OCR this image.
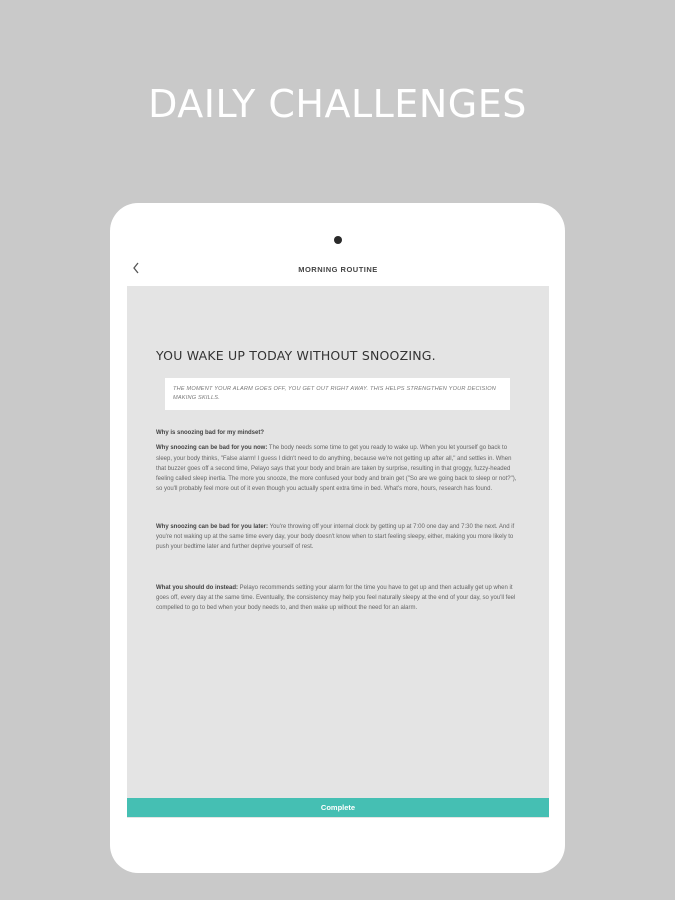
DAILY CHALLENGES
MORNING ROUTINE
YOU WAKE UP TODAY WITHOUT SNOOZING.
THE MOMENT YOUR ALARM GOES OFF, YOU GET OUT RIGHT AWAY. THIS HELPS STRENGTHEN YOUR DECISION MAKING SKILLS.

Why is snoozing bad for my mindset?

Why snoozing can be bad for you now: The body needs some time to get you ready to wake up. When you let yourself go back to sleep, your body thinks, "False alarm! I guess I didn't need to do anything, because we're not getting up after all," and settles in. When that buzzer goes off a second time, Pelayo says that your body and brain are taken by surprise, resulting in that groggy, fuzzy-headed feeling called sleep inertia. The more you snooze, the more confused your body and brain get ("So are we going back to sleep or not?"), so you'll probably feel more out of it even though you actually spent extra time in bed. What's more, hours, research has found.

Why snoozing can be bad for you later: You're throwing off your internal clock by getting up at 7:00 one day and 7:30 the next. And if you're not waking up at the same time every day, your body doesn't know when to start feeling sleepy, either, making you more likely to push your bedtime later and further deprive yourself of rest.

What you should do instead: Pelayo recommends setting your alarm for the time you have to get up and then actually get up when it goes off, every day at the same time. Eventually, the consistency may help you feel naturally sleepy at the end of your day, so you'll feel compelled to go to bed when your body needs to, and then wake up without the need for an alarm.

Complete
